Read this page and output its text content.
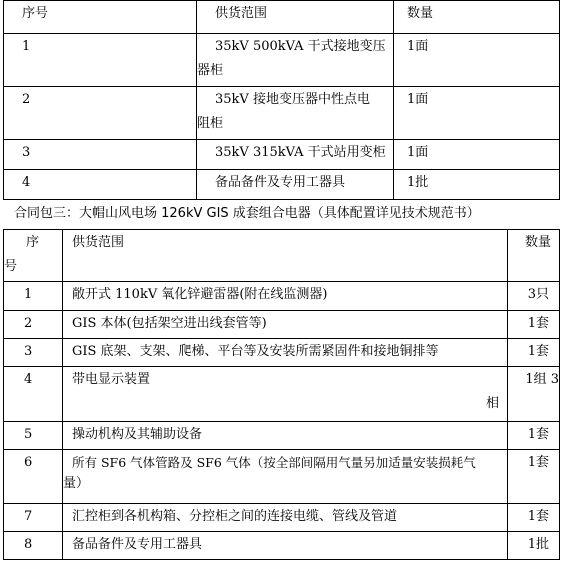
序号	供货范围	数量

1	35kV 500kVA 干式接地变压
器柜	1面

2	35kV 接地变压器中性点电
阻柜	1面

3	35kV 315kVA 干式站用变柜	1面

4	备品备件及专用工器具	1批
合同包三：大帽山风电场 126kV GIS 成套组合电器（具体配置详见技术规范书）
序
号	供货范围	数量

1	敞开式 110kV 氧化锌避雷器(附在线监测器)	3只

2	GIS 本体(包括架空进出线套管等)	1套

3	GIS 底架、支架、爬梯、平台等及安装所需紧固件和接地铜排等	1套

4	带电显示装置	1组 3
相

5	操动机构及其辅助设备	1套

6	所有 SF6 气体管路及 SF6 气体（按全部间隔用气量另加适量安装损耗气
量）	1套

7	汇控柜到各机构箱、分控柜之间的连接电缆、管线及管道	1套

8	备品备件及专用工器具	1批
